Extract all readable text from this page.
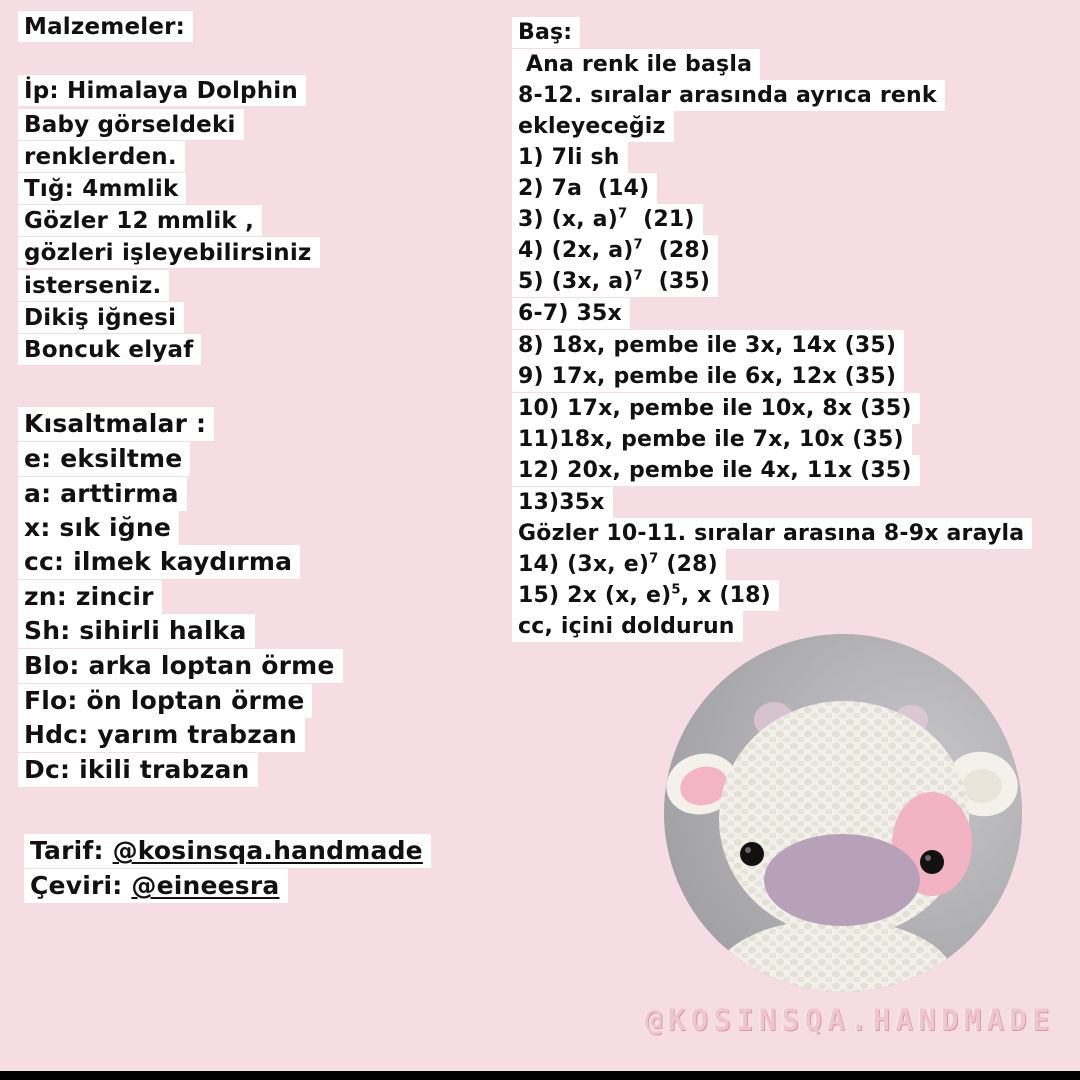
Malzemeler:
İp: Himalaya Dolphin
Baby görseldeki
renklerden.
Tığ: 4mmlik
Gözler 12 mmlik ,
gözleri işleyebilirsiniz
isterseniz.
Dikiş iğnesi
Boncuk elyaf
Kısaltmalar :
e: eksiltme
a: arttirma
x: sık iğne
cc: ilmek kaydırma
zn: zincir
Sh: sihirli halka
Blo: arka loptan örme
Flo: ön loptan örme
Hdc: yarım trabzan
Dc: ikili trabzan
Tarif: @kosinsqa.handmade
Çeviri: @eineesra
Baş:
Ana renk ile başla
8-12. sıralar arasında ayrıca renk
ekleyeceğiz
1) 7li sh
2) 7a  (14)
3) (x, a)$^7$  (21)
4) (2x, a)$^7$  (28)
5) (3x, a)$^7$  (35)
6-7) 35x
8) 18x, pembe ile 3x, 14x (35)
9) 17x, pembe ile 6x, 12x (35)
10) 17x, pembe ile 10x, 8x (35)
11)18x, pembe ile 7x, 10x (35)
12) 20x, pembe ile 4x, 11x (35)
13)35x
Gözler 10-11. sıralar arasına 8-9x arayla
14) (3x, e)$^7$ (28)
15) 2x (x, e)$^5$, x (18)
cc, içini doldurun
@KOSINSQA.HANDMADE
